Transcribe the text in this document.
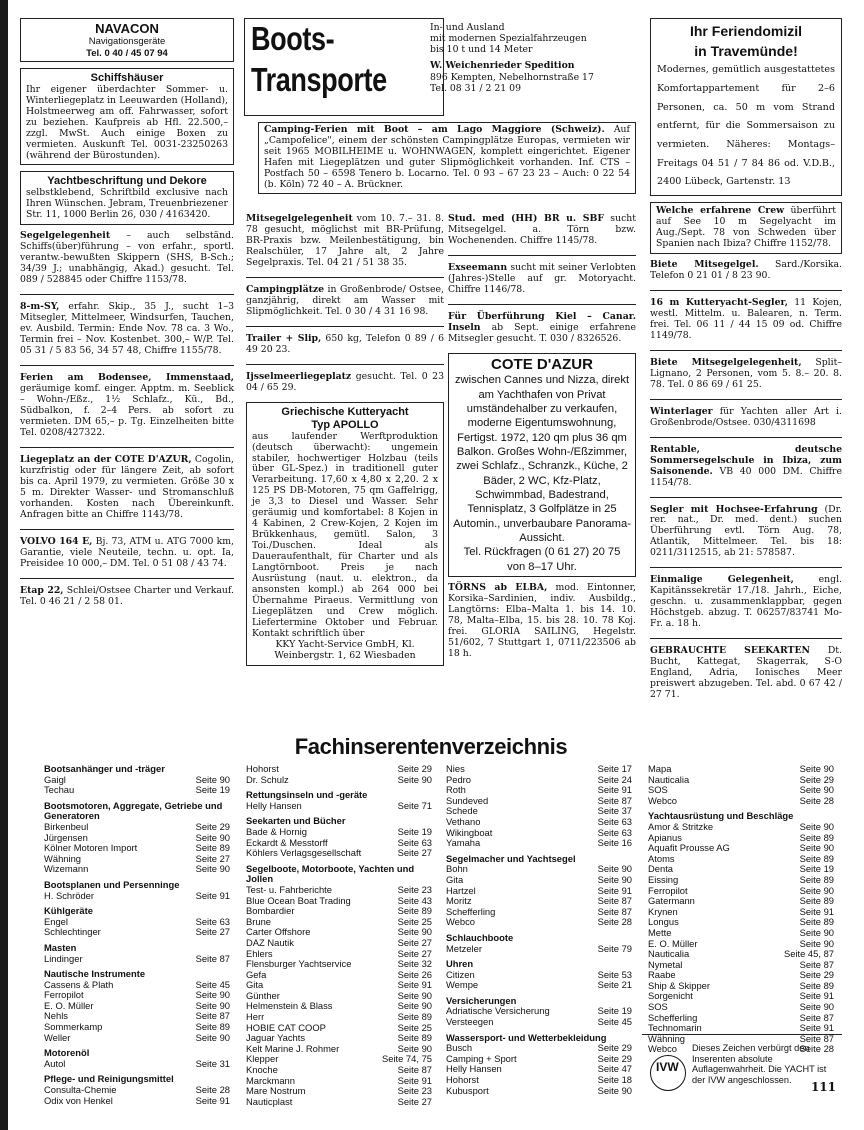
NAVACON
Navigationsgeräte
Tel. 0 40 / 45 07 94
Schiffshäuser
Ihr eigener überdachter Sommer- u. Winterliegeplatz in Leeuwarden (Holland), Holstmeerweg am off. Fahrwasser, sofort zu beziehen. Kaufpreis ab Hfl. 22.500,– zzgl. MwSt. Auch einige Boxen zu vermieten. Auskunft Tel. 0031-23250263 (während der Bürostunden).
Yachtbeschriftung und Dekore
selbstklebend, Schriftbild exclusive nach Ihren Wünschen. Jebram, Treuenbriezener Str. 11, 1000 Berlin 26, 030 / 4163420.
Segelgelegenheit – auch selbständ. Schiffs(über)führung – von erfahr., sportl. verantw.-bewußten Skippern (SHS, B-Sch.; 34/39 J.; unabhängig, Akad.) gesucht. Tel. 089 / 528845 oder Chiffre 1153/78.
8-m-SY, erfahr. Skip., 35 J., sucht 1–3 Mitsegler, Mittelmeer, Windsurfen, Tauchen, ev. Ausbild. Termin: Ende Nov. 78 ca. 3 Wo., Termin frei – Nov. Kostenbet. 300,– W/P. Tel. 05 31 / 5 83 56, 34 57 48, Chiffre 1155/78.
Ferien am Bodensee, Immenstaad, geräumige komf. einger. Apptm. m. Seeblick – Wohn-/Eßz., 1½ Schlafz., Kü., Bd., Südbalkon, f. 2–4 Pers. ab sofort zu vermieten. DM 65,– p. Tg. Einzelheiten bitte Tel. 0208/427322.
Liegeplatz an der COTE D'AZUR, Cogolin, kurzfristig oder für längere Zeit, ab sofort bis ca. April 1979, zu vermieten. Größe 30 x 5 m. Direkter Wasser- und Stromanschluß vorhanden. Kosten nach Übereinkunft. Anfragen bitte an Chiffre 1143/78.
VOLVO 164 E, Bj. 73, ATM u. ATG 7000 km, Garantie, viele Neuteile, techn. u. opt. Ia, Preisidee 10 000,– DM. Tel. 0 51 08 / 43 74.
Etap 22, Schlei/Ostsee Charter und Verkauf. Tel. 0 46 21 / 2 58 01.
Boots-
Transporte
In- und Ausland
mit modernen Spezialfahrzeugen
bis 10 t und 14 Meter
W. Weichenrieder Spedition
896 Kempten, Nebelhornstraße 17
Tel. 08 31 / 2 21 09
Camping-Ferien mit Boot – am Lago Maggiore (Schweiz). Auf „Campofelice", einem der schönsten Campingplätze Europas, vermieten wir seit 1965 MOBILHEIME u. WOHNWAGEN, komplett eingerichtet. Eigener Hafen mit Liegeplätzen und guter Slipmöglichkeit vorhanden. Inf. CTS – Postfach 50 – 6598 Tenero b. Locarno. Tel. 0 93 – 67 23 23 – Auch: 0 22 54 (b. Köln) 72 40 – A. Brückner.
Mitsegelgelegenheit vom 10. 7.– 31. 8. 78 gesucht, möglichst mit BR-Prüfung, BR-Praxis bzw. Meilenbestätigung, bin Realschüler, 17 Jahre alt, 2 Jahre Segelpraxis. Tel. 04 21 / 51 38 35.
Campingplätze in Großenbrode/ Ostsee, ganzjährig, direkt am Wasser mit Slipmöglichkeit. Tel. 0 30 / 4 31 16 98.
Trailer + Slip, 650 kg, Telefon 0 89 / 6 49 20 23.
Ijsselmeerliegeplatz gesucht. Tel. 0 23 04 / 65 29.
Griechische Kutteryacht
Typ APOLLO
aus laufender Werftproduktion (deutsch überwacht): ungemein stabiler, hochwertiger Holzbau (teils über GL-Spez.) in traditionell guter Verarbeitung. 17,60 x 4,80 x 2,20. 2 x 125 PS DB-Motoren, 75 qm Gaffelrigg, je 3,3 to Diesel und Wasser. Sehr geräumig und komfortabel: 8 Kojen in 4 Kabinen, 2 Crew-Kojen, 2 Kojen im Brükkenhaus, gemütl. Salon, 3 Toi./Duschen. Ideal als Daueraufenthalt, für Charter und als Langtörnboot. Preis je nach Ausrüstung (naut. u. elektron., da ansonsten kompl.) ab 264 000 bei Übernahme Piraeus. Vermittlung von Liegeplätzen und Crew möglich. Liefertermine Oktober und Februar. Kontakt schriftlich über
KKY Yacht-Service GmbH, Kl. Weinbergstr. 1, 62 Wiesbaden
Stud. med (HH) BR u. SBF sucht Mitsegelgel. a. Törn bzw. Wochenenden. Chiffre 1145/78.
Exseemann sucht mit seiner Verlobten (Jahres-)Stelle auf gr. Motoryacht. Chiffre 1146/78.
Für Überführung Kiel – Canar. Inseln ab Sept. einige erfahrene Mitsegler gesucht. T. 030 / 8326526.
COTE D'AZUR
zwischen Cannes und Nizza, direkt am Yachthafen von Privat umständehalber zu verkaufen, moderne Eigentumswohnung, Fertigst. 1972, 120 qm plus 36 qm Balkon. Großes Wohn-/Eßzimmer, zwei Schlafz., Schranzk., Küche, 2 Bäder, 2 WC, Kfz-Platz, Schwimmbad, Badestrand, Tennisplatz, 3 Golfplätze in 25 Automin., unverbaubare Panorama-Aussicht.
Tel. Rückfragen (0 61 27) 20 75
von 8–17 Uhr.
TÖRNS ab ELBA, mod. Eintonner, Korsika–Sardinien, indiv. Ausbildg., Langtörns: Elba–Malta 1. bis 14. 10. 78, Malta–Elba, 15. bis 28. 10. 78 Koj. frei. GLORIA SAILING, Hegelstr. 51/602, 7 Stuttgart 1, 0711/223506 ab 18 h.
Ihr Feriendomizil
in Travemünde!
Modernes, gemütlich ausgestattetes Komfortappartement für 2–6 Personen, ca. 50 m vom Strand entfernt, für die Sommersaison zu vermieten. Näheres: Montags–Freitags 04 51 / 7 84 86 od. V.D.B., 2400 Lübeck, Gartenstr. 13
Welche erfahrene Crew überführt auf See 10 m Segelyacht im Aug./Sept. 78 von Schweden über Spanien nach Ibiza? Chiffre 1152/78.
Biete Mitsegelgel. Sard./Korsika. Telefon 0 21 01 / 8 23 90.
16 m Kutteryacht-Segler, 11 Kojen, westl. Mittelm. u. Balearen, n. Term. frei. Tel. 06 11 / 44 15 09 od. Chiffre 1149/78.
Biete Mitsegelgelegenheit, Split–Lignano, 2 Personen, vom 5. 8.– 20. 8. 78. Tel. 0 86 69 / 61 25.
Winterlager für Yachten aller Art i. Großenbrode/Ostsee. 030/4311698
Rentable, deutsche Sommersegelschule in Ibiza, zum Saisonende. VB 40 000 DM. Chiffre 1154/78.
Segler mit Hochsee-Erfahrung (Dr. rer. nat., Dr. med. dent.) suchen Überführung evtl. Törn Aug. 78, Atlantik, Mittelmeer. Tel. bis 18: 0211/3112515, ab 21: 578587.
Einmalige Gelegenheit, engl. Kapitänssekretär 17./18. Jahrh., Eiche, geschn. u. zusammenklappbar, gegen Höchstgeb. abzug. T. 06257/83741 Mo-Fr. a. 18 h.
GEBRAUCHTE SEEKARTEN Dt. Bucht, Kattegat, Skagerrak, S-O England, Adria, Ionisches Meer preiswert abzugeben. Tel. abd. 0 67 42 / 27 71.
Fachinserentenverzeichnis
Bootsanhänger und -träger
Gaigl	Seite 90
Techau	Seite 19
Bootsmotoren, Aggregate, Getriebe und Generatoren
Birkenbeul	Seite 29
Jürgensen	Seite 90
Kölner Motoren Import	Seite 89
Wähning	Seite 27
Wizemann	Seite 90
Bootsplanen und Persenninge
H. Schröder	Seite 91
Kühlgeräte
Engel	Seite 63
Schlechtinger	Seite 27
Masten
Lindinger	Seite 87
Nautische Instrumente
Cassens & Plath	Seite 45
Ferropilot	Seite 90
E. O. Müller	Seite 90
Nehls	Seite 87
Sommerkamp	Seite 89
Weller	Seite 90
Motorenöl
Autol	Seite 31
Pflege- und Reinigungsmittel
Consulta-Chemie	Seite 28
Odix von Henkel	Seite 91
Hohorst	Seite 29
Dr. Schulz	Seite 90
Rettungsinseln und -geräte
Helly Hansen	Seite 71
Seekarten und Bücher
Bade & Hornig	Seite 19
Eckardt & Messtorff	Seite 63
Köhlers Verlagsgesellschaft	Seite 27
Segelboote, Motorboote, Yachten und Jollen
Test- u. Fahrberichte	Seite 23
Blue Ocean Boat Trading	Seite 43
Bombardier	Seite 89
Brune	Seite 25
Carter Offshore	Seite 90
DAZ Nautik	Seite 27
Ehlers	Seite 27
Flensburger Yachtservice	Seite 32
Gefa	Seite 26
Gita	Seite 91
Günther	Seite 90
Helmenstein & Blass	Seite 90
Herr	Seite 89
HOBIE CAT COOP	Seite 25
Jaguar Yachts	Seite 89
Kelt Marine J. Rohmer	Seite 90
Klepper	Seite 74, 75
Knoche	Seite 87
Marckmann	Seite 91
Mare Nostrum	Seite 23
Nauticplast	Seite 27
Nies	Seite 17
Pedro	Seite 24
Roth	Seite 91
Sundeved	Seite 87
Schede	Seite 37
Vethano	Seite 63
Wikingboat	Seite 63
Yamaha	Seite 16
Segelmacher und Yachtsegel
Bohn	Seite 90
Gita	Seite 90
Hartzel	Seite 91
Moritz	Seite 87
Schefferling	Seite 87
Webco	Seite 28
Schlauchboote
Metzeler	Seite 79
Uhren
Citizen	Seite 53
Wempe	Seite 21
Versicherungen
Adriatische Versicherung	Seite 19
Versteegen	Seite 45
Wassersport- und Wetterbekleidung
Busch	Seite 29
Camping + Sport	Seite 29
Helly Hansen	Seite 47
Hohorst	Seite 18
Kubusport	Seite 90
Mapa	Seite 90
Nauticalia	Seite 29
SOS	Seite 90
Webco	Seite 28
Yachtausrüstung und Beschläge
Amor & Stritzke	Seite 90
Apianus	Seite 89
Aquafit Prousse AG	Seite 90
Atoms	Seite 89
Denta	Seite 19
Eissing	Seite 89
Ferropilot	Seite 90
Gatermann	Seite 89
Krynen	Seite 91
Longus	Seite 89
Mette	Seite 90
E. O. Müller	Seite 90
Nauticalia	Seite 45, 87
Nymetal	Seite 87
Raabe	Seite 29
Ship & Skipper	Seite 89
Sorgenicht	Seite 91
SOS	Seite 90
Schefferling	Seite 87
Technomarin	Seite 91
Wähning	Seite 87
Webco	Seite 28
IVW
Dieses Zeichen verbürgt den Inserenten absolute Auflagenwahrheit. Die YACHT ist der IVW angeschlossen.
111
